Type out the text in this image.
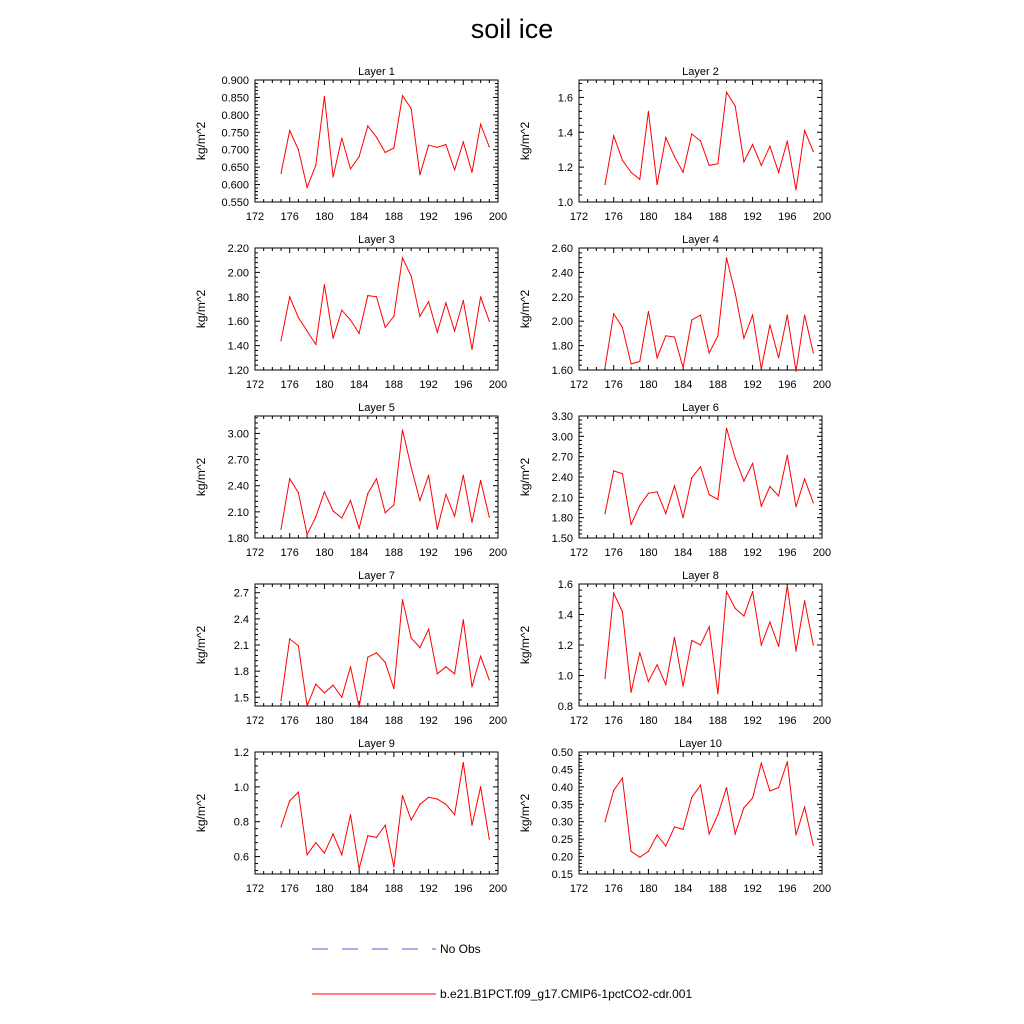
soil ice
Layer 1
kg/m^2
172 176 180 184 188 192 196 200
0.550
0.600
0.650
0.700
0.750
0.800
0.850
0.900
Layer 2
kg/m^2
172 176 180 184 188 192 196 200
1.0
1.2
1.4
1.6
Layer 3
kg/m^2
172 176 180 184 188 192 196 200
1.20
1.40
1.60
1.80
2.00
2.20
Layer 4
kg/m^2
172 176 180 184 188 192 196 200
1.60
1.80
2.00
2.20
2.40
2.60
Layer 5
kg/m^2
172 176 180 184 188 192 196 200
1.80
2.10
2.40
2.70
3.00
Layer 6
kg/m^2
172 176 180 184 188 192 196 200
1.50
1.80
2.10
2.40
2.70
3.00
3.30
Layer 7
kg/m^2
172 176 180 184 188 192 196 200
1.5
1.8
2.1
2.4
2.7
Layer 8
kg/m^2
172 176 180 184 188 192 196 200
0.8
1.0
1.2
1.4
1.6
Layer 9
kg/m^2
172 176 180 184 188 192 196 200
0.6
0.8
1.0
1.2
Layer 10
kg/m^2
172 176 180 184 188 192 196 200
0.15
0.20
0.25
0.30
0.35
0.40
0.45
0.50
No Obs
b.e21.B1PCT.f09_g17.CMIP6-1pctCO2-cdr.001
